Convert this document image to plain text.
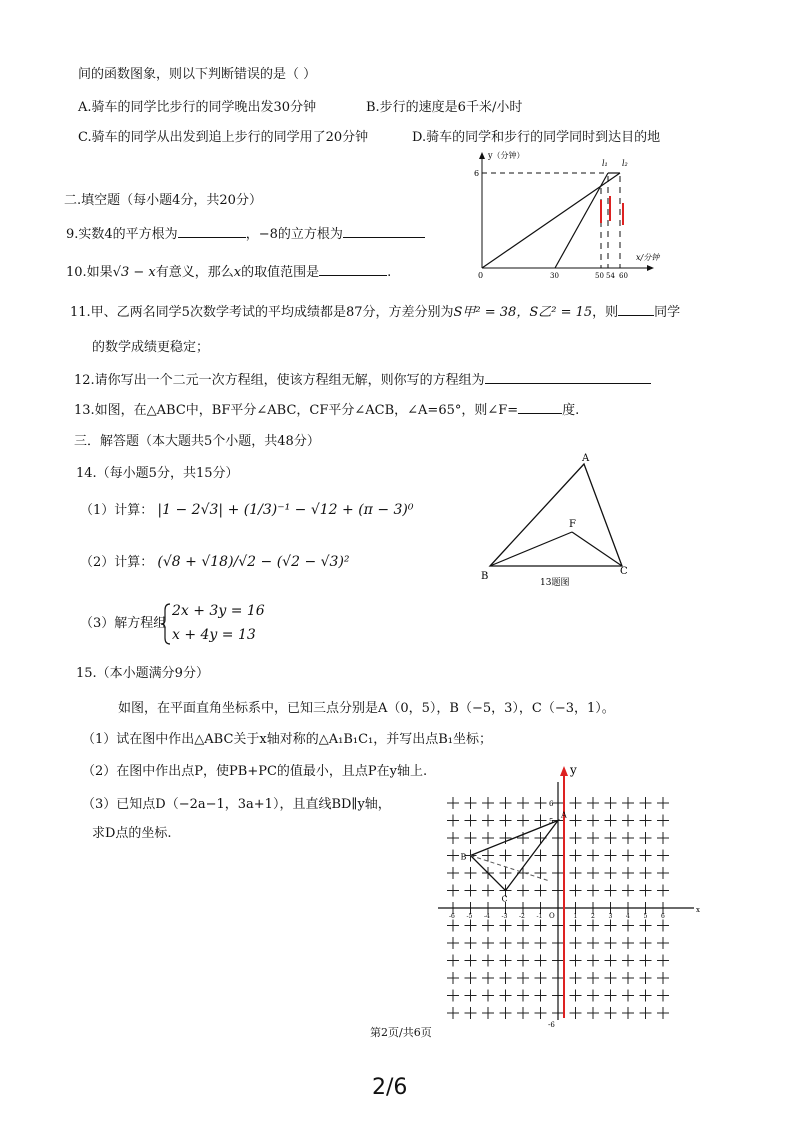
间的函数图象，则以下判断错误的是（ ）
A.骑车的同学比步行的同学晚出发30分钟	B.步行的速度是6千米/小时
C.骑车的同学从出发到追上步行的同学用了20分钟	D.骑车的同学和步行的同学同时到达目的地
y（分钟）
x/分钟
l₁ l₂
6
0	30	50 54 60
二.填空题（每小题4分，共20分）
9.实数4的平方根为	，−8的立方根为
10.如果√3 − x有意义，那么x的取值范围是	.
11.甲、乙两名同学5次数学考试的平均成绩都是87分，方差分别为S甲² = 38，S乙² = 15，则	同学
的数学成绩更稳定；
12.请你写出一个二元一次方程组，使该方程组无解，则你写的方程组为
13.如图，在△ABC中，BF平分∠ABC，CF平分∠ACB，∠A=65°，则∠F=	度.
三．解答题（本大题共5个小题，共48分）
14.（每小题5分，共15分）
（1）计算： |1 − 2√3| + (1/3)⁻¹ − √12 + (π − 3)⁰
（2）计算： (√8 + √18)/√2 − (√2 − √3)²
（3）解方程组
2x + 3y = 16
x + 4y = 13
A
B	C
F
13题图
15.（本小题满分9分）
如图，在平面直角坐标系中，已知三点分别是A（0，5），B（−5，3），C（−3，1）。
（1）试在图中作出△ABC关于x轴对称的△A₁B₁C₁，并写出点B₁坐标；
（2）在图中作出点P，使PB+PC的值最小，且点P在y轴上.
（3）已知点D（−2a−1，3a+1），且直线BD∥y轴，
求D点的坐标.
y
x
A
B
C
O
6
5
-6
-6	1
-5	2
-4	3
-3	4
-2	5
-1	6
第2页/共6页
2/6
